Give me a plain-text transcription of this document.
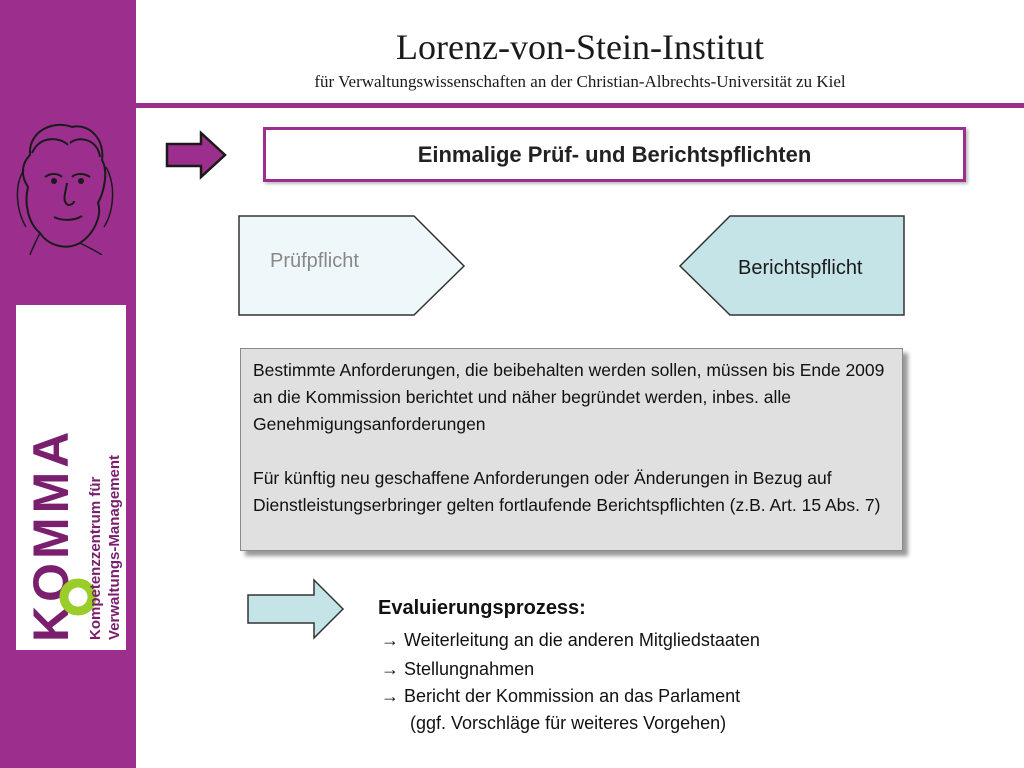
KOMMA Kompetenzzentrum für Verwaltungs-Management
Lorenz-von-Stein-Institut
für Verwaltungswissenschaften an der Christian-Albrechts-Universität zu Kiel
Einmalige Prüf- und Berichtspflichten
Prüfpflicht	Berichtspflicht

Bestimmte Anforderungen, die beibehalten werden sollen, müssen bis Ende 2009 an die Kommission berichtet und näher begründet werden, inbes. alle Genehmigungsanforderungen

Für künftig neu geschaffene Anforderungen oder Änderungen in Bezug auf Dienstleistungserbringer gelten fortlaufende Berichtspflichten (z.B. Art. 15 Abs. 7)

Evaluierungsprozess:
→ Weiterleitung an die anderen Mitgliedstaaten
→ Stellungnahmen
→ Bericht der Kommission an das Parlament
(ggf. Vorschläge für weiteres Vorgehen)
